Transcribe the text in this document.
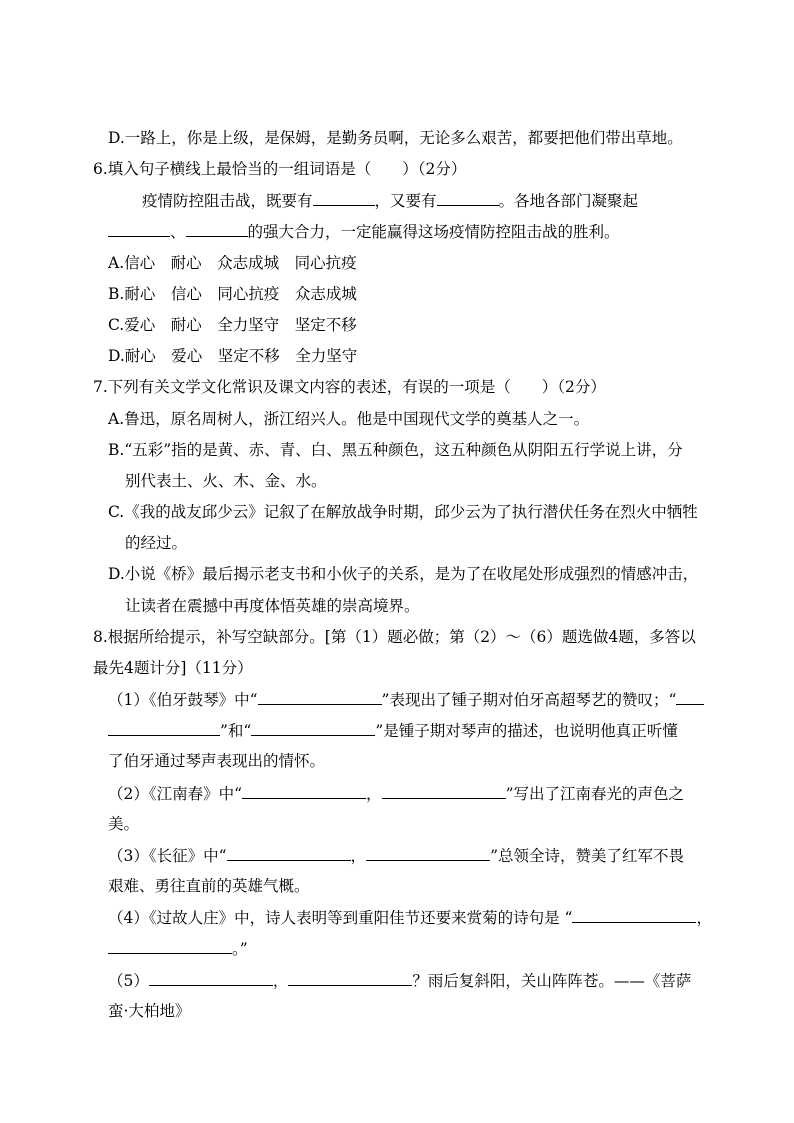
D.一路上，你是上级，是保姆，是勤务员啊，无论多么艰苦，都要把他们带出草地。
6.填入句子横线上最恰当的一组词语是（　　）（2分）
疫情防控阻击战，既要有	，又要有	。各地各部门凝聚起
、	的强大合力，一定能赢得这场疫情防控阻击战的胜利。
A.信心　耐心　众志成城　同心抗疫
B.耐心　信心　同心抗疫　众志成城
C.爱心　耐心　全力坚守　坚定不移
D.耐心　爱心　坚定不移　全力坚守
7.下列有关文学文化常识及课文内容的表述，有误的一项是（　　）（2分）
A.鲁迅，原名周树人，浙江绍兴人。他是中国现代文学的奠基人之一。
B.“五彩”指的是黄、赤、青、白、黑五种颜色，这五种颜色从阴阳五行学说上讲，分
别代表土、火、木、金、水。
C.《我的战友邱少云》记叙了在解放战争时期，邱少云为了执行潜伏任务在烈火中牺牲
的经过。
D.小说《桥》最后揭示老支书和小伙子的关系，是为了在收尾处形成强烈的情感冲击，
让读者在震撼中再度体悟英雄的崇高境界。
8.根据所给提示，补写空缺部分。[第（1）题必做；第（2）～（6）题选做4题，多答以
最先4题计分]（11分）
（1）《伯牙鼓琴》中“	”表现出了锺子期对伯牙高超琴艺的赞叹；“
”和“	”是锺子期对琴声的描述，也说明他真正听懂
了伯牙通过琴声表现出的情怀。
（2）《江南春》中“	，	”写出了江南春光的声色之
美。
（3）《长征》中“	，	”总领全诗，赞美了红军不畏
艰难、勇往直前的英雄气概。
（4）《过故人庄》中，诗人表明等到重阳佳节还要来赏菊的诗句是 “	，
。”
（5）	，	？雨后复斜阳，关山阵阵苍。——《菩萨
蛮·大柏地》
